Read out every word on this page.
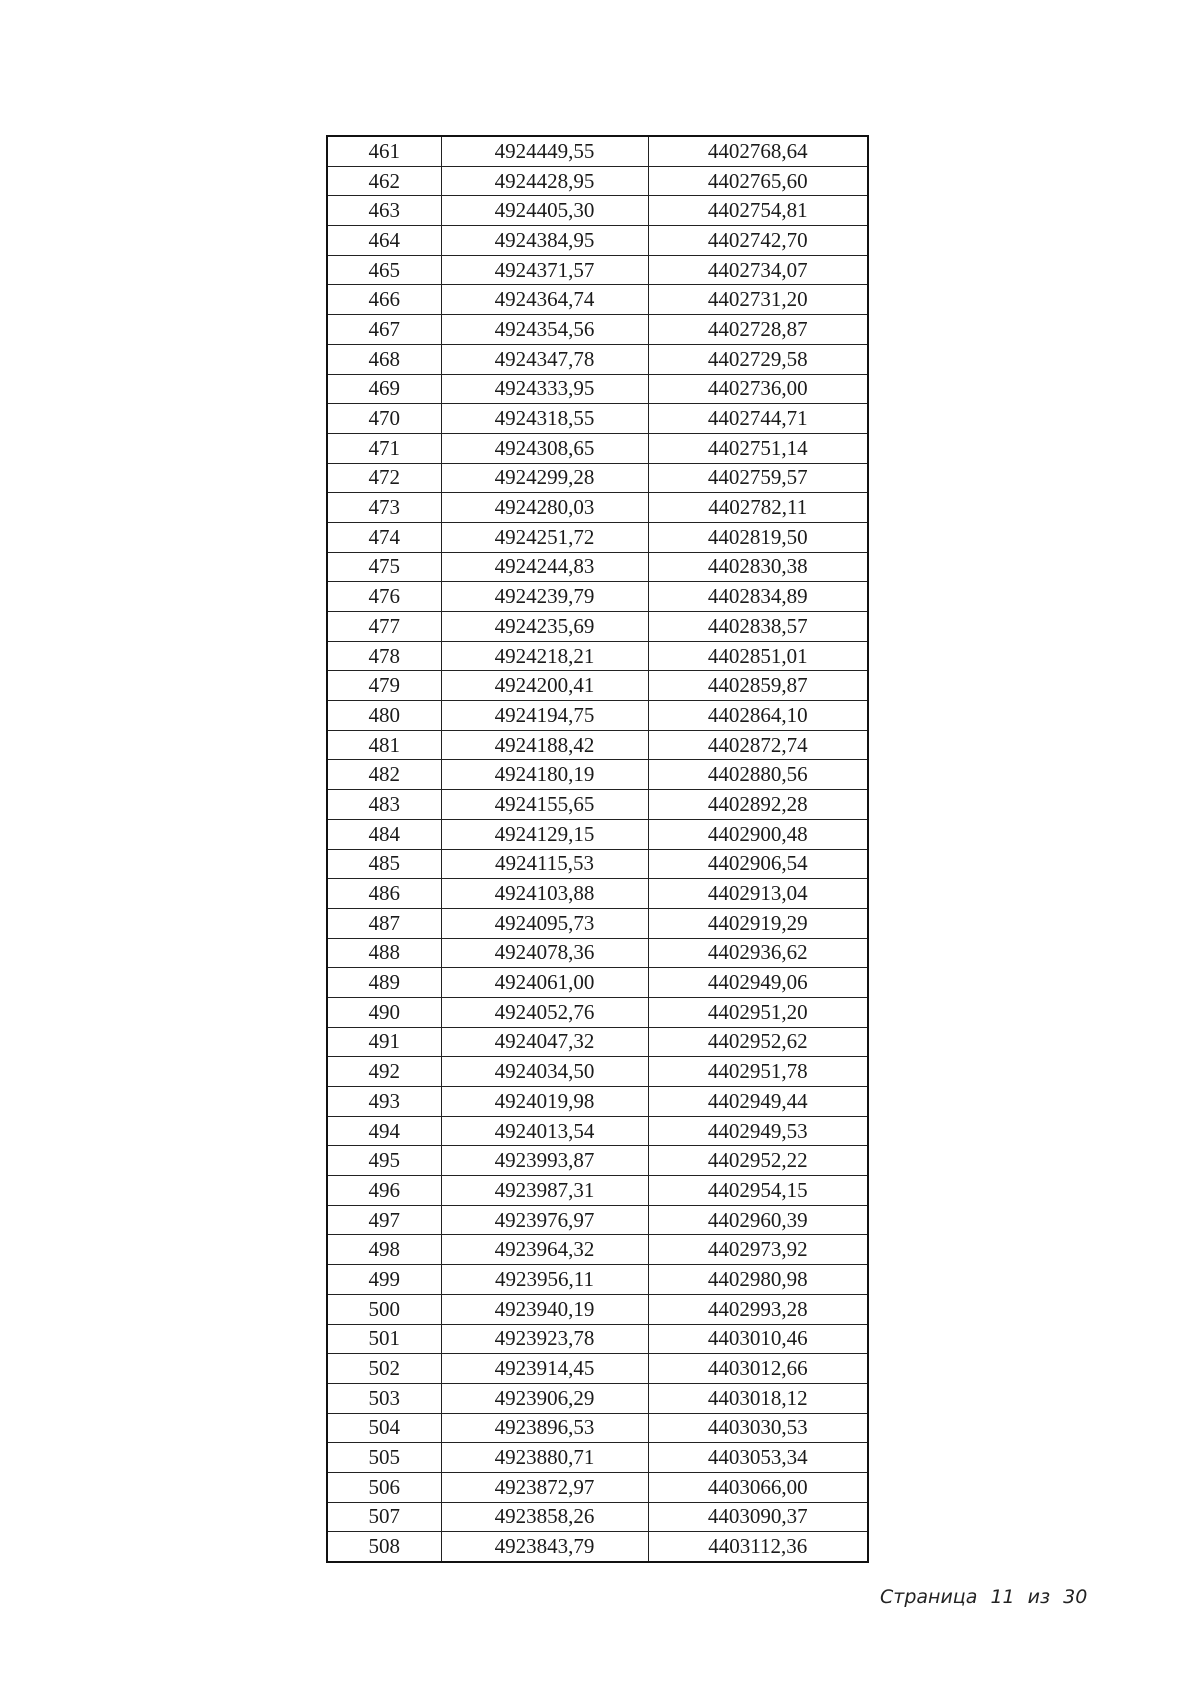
461	4924449,55	4402768,64
462	4924428,95	4402765,60
463	4924405,30	4402754,81
464	4924384,95	4402742,70
465	4924371,57	4402734,07
466	4924364,74	4402731,20
467	4924354,56	4402728,87
468	4924347,78	4402729,58
469	4924333,95	4402736,00
470	4924318,55	4402744,71
471	4924308,65	4402751,14
472	4924299,28	4402759,57
473	4924280,03	4402782,11
474	4924251,72	4402819,50
475	4924244,83	4402830,38
476	4924239,79	4402834,89
477	4924235,69	4402838,57
478	4924218,21	4402851,01
479	4924200,41	4402859,87
480	4924194,75	4402864,10
481	4924188,42	4402872,74
482	4924180,19	4402880,56
483	4924155,65	4402892,28
484	4924129,15	4402900,48
485	4924115,53	4402906,54
486	4924103,88	4402913,04
487	4924095,73	4402919,29
488	4924078,36	4402936,62
489	4924061,00	4402949,06
490	4924052,76	4402951,20
491	4924047,32	4402952,62
492	4924034,50	4402951,78
493	4924019,98	4402949,44
494	4924013,54	4402949,53
495	4923993,87	4402952,22
496	4923987,31	4402954,15
497	4923976,97	4402960,39
498	4923964,32	4402973,92
499	4923956,11	4402980,98
500	4923940,19	4402993,28
501	4923923,78	4403010,46
502	4923914,45	4403012,66
503	4923906,29	4403018,12
504	4923896,53	4403030,53
505	4923880,71	4403053,34
506	4923872,97	4403066,00
507	4923858,26	4403090,37
508	4923843,79	4403112,36
Страница 11 из 30
